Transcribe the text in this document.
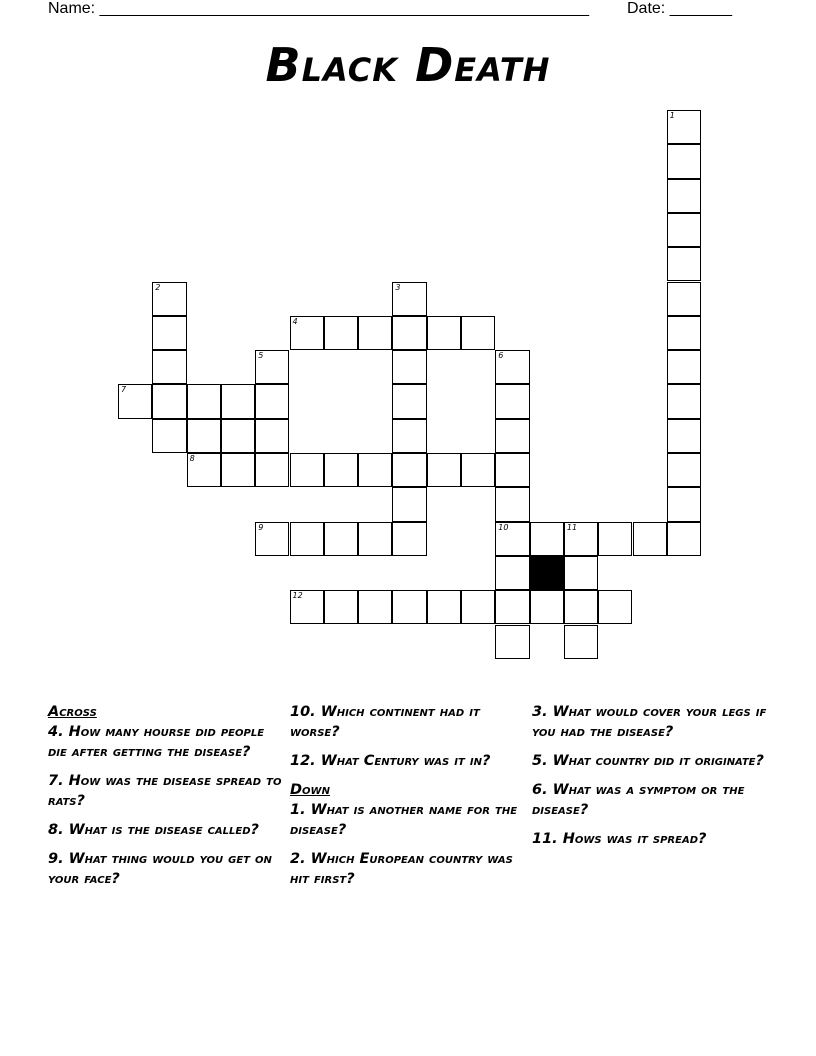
Name: _______________________________________________________ Date: _______
Black Death
1
2	3
4
5	6
10
7
8
9	11
12
Across
4. How many hourse did people die after getting the disease?
7. How was the disease spread to rats?
8. What is the disease called?
9. What thing would you get on your face?
10. Which continent had it worse?
12. What Century was it in?
Down
1. What is another name for the disease?
2. Which European country was hit first?
3. What would cover your legs if you had the disease?
5. What country did it originate?
6. What was a symptom or the disease?
11. Hows was it spread?
